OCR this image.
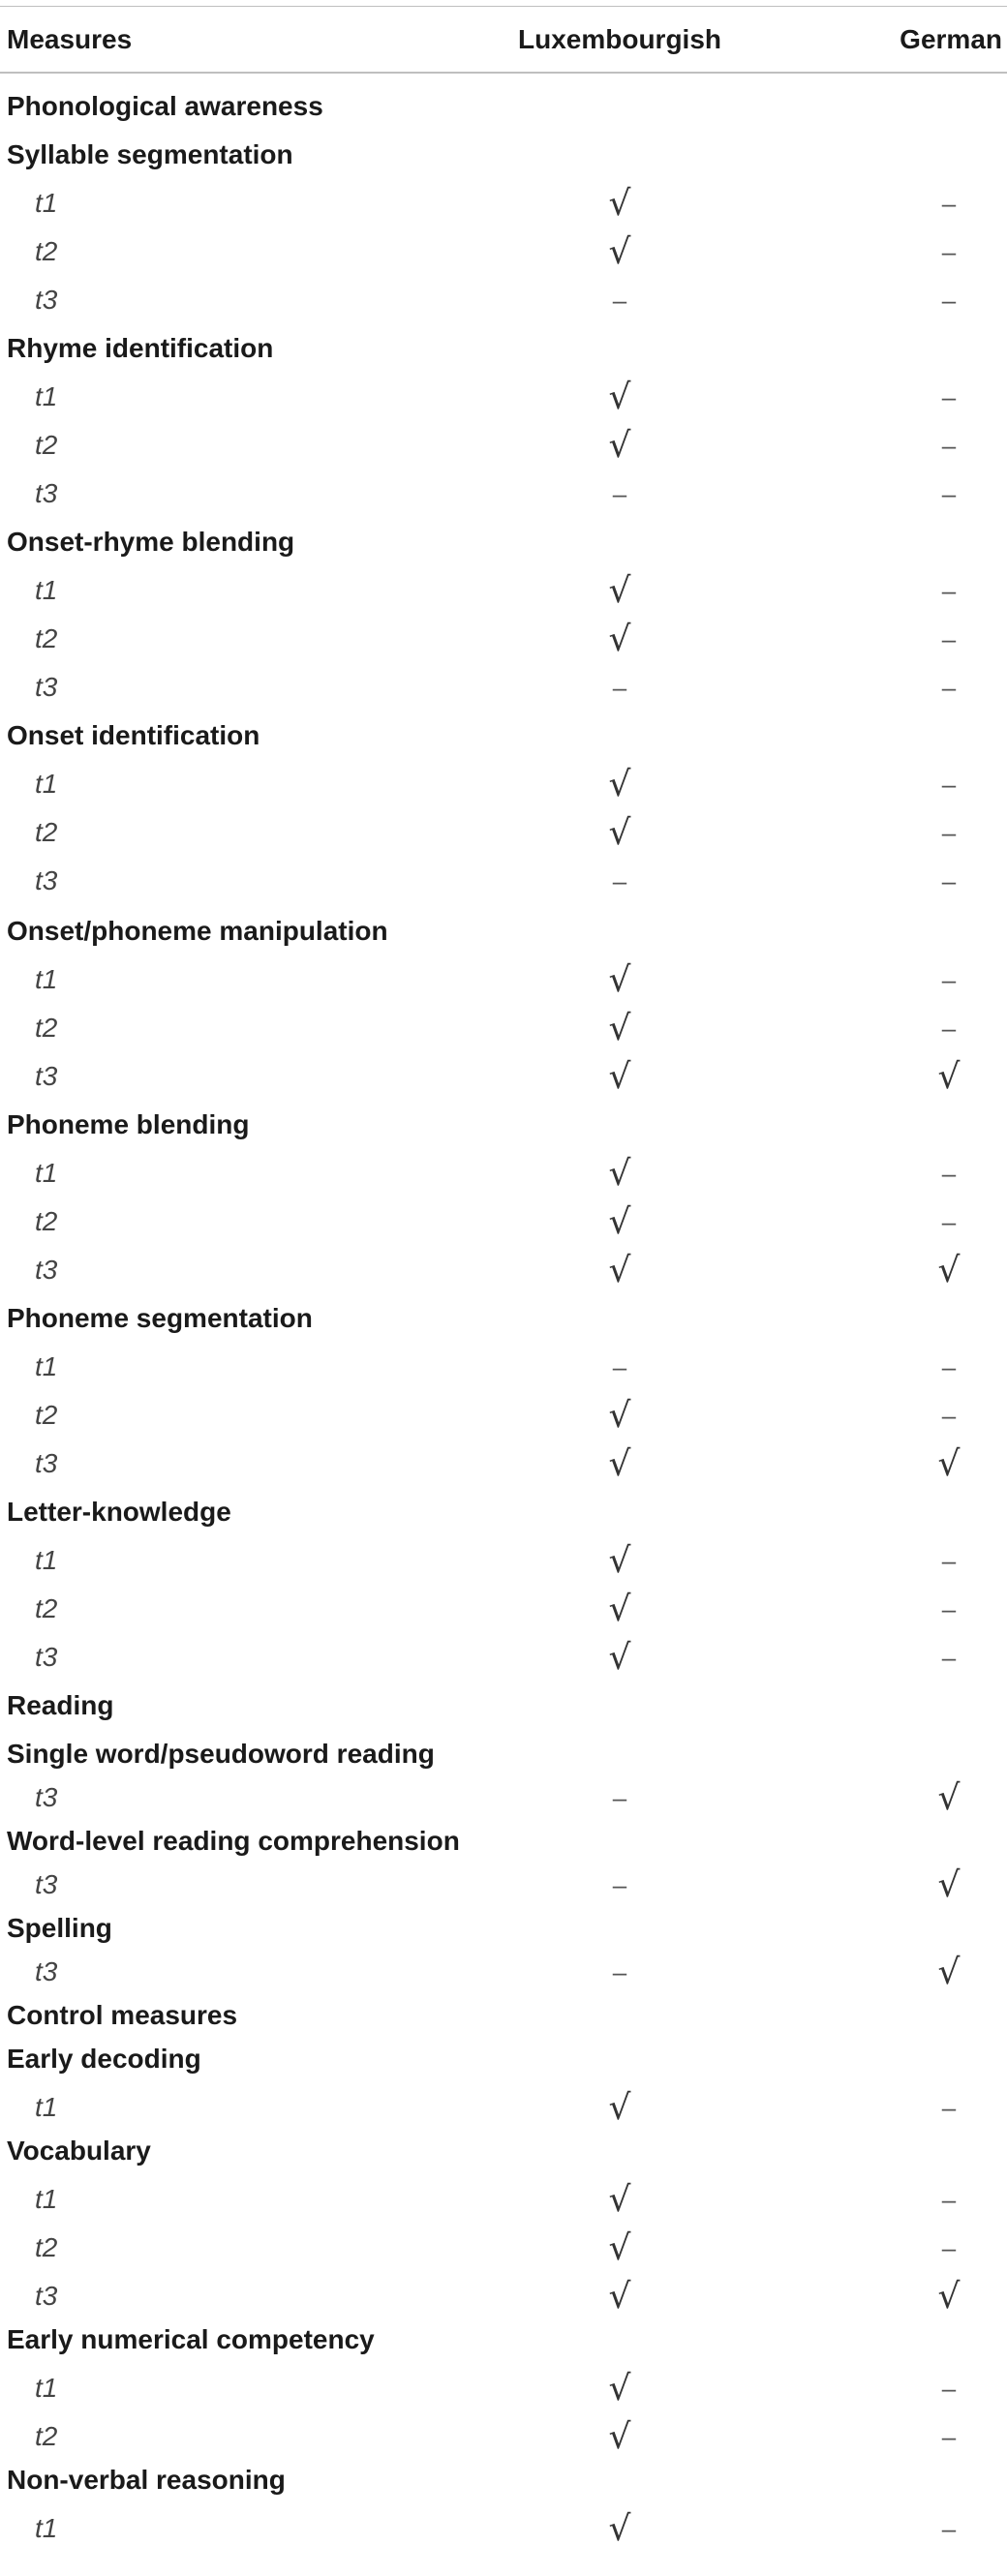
Measures	Luxembourgish	German
Phonological awareness
Syllable segmentation
t1	√	–
t2	√	–
t3	–	–
Rhyme identification
t1	√	–
t2	√	–
t3	–	–
Onset-rhyme blending
t1	√	–
t2	√	–
t3	–	–
Onset identification
t1	√	–
t2	√	–
t3	–	–
Onset/phoneme manipulation
t1	√	–
t2	√	–
t3	√	√
Phoneme blending
t1	√	–
t2	√	–
t3	√	√
Phoneme segmentation
t1	–	–
t2	√	–
t3	√	√
Letter-knowledge
t1	√	–
t2	√	–
t3	√	–
Reading
Single word/pseudoword reading
t3	–	√
Word-level reading comprehension
t3	–	√
Spelling
t3	–	√
Control measures
Early decoding
t1	√	–
Vocabulary
t1	√	–
t2	√	–
t3	√	√
Early numerical competency
t1	√	–
t2	√	–
Non-verbal reasoning
t1	√	–
